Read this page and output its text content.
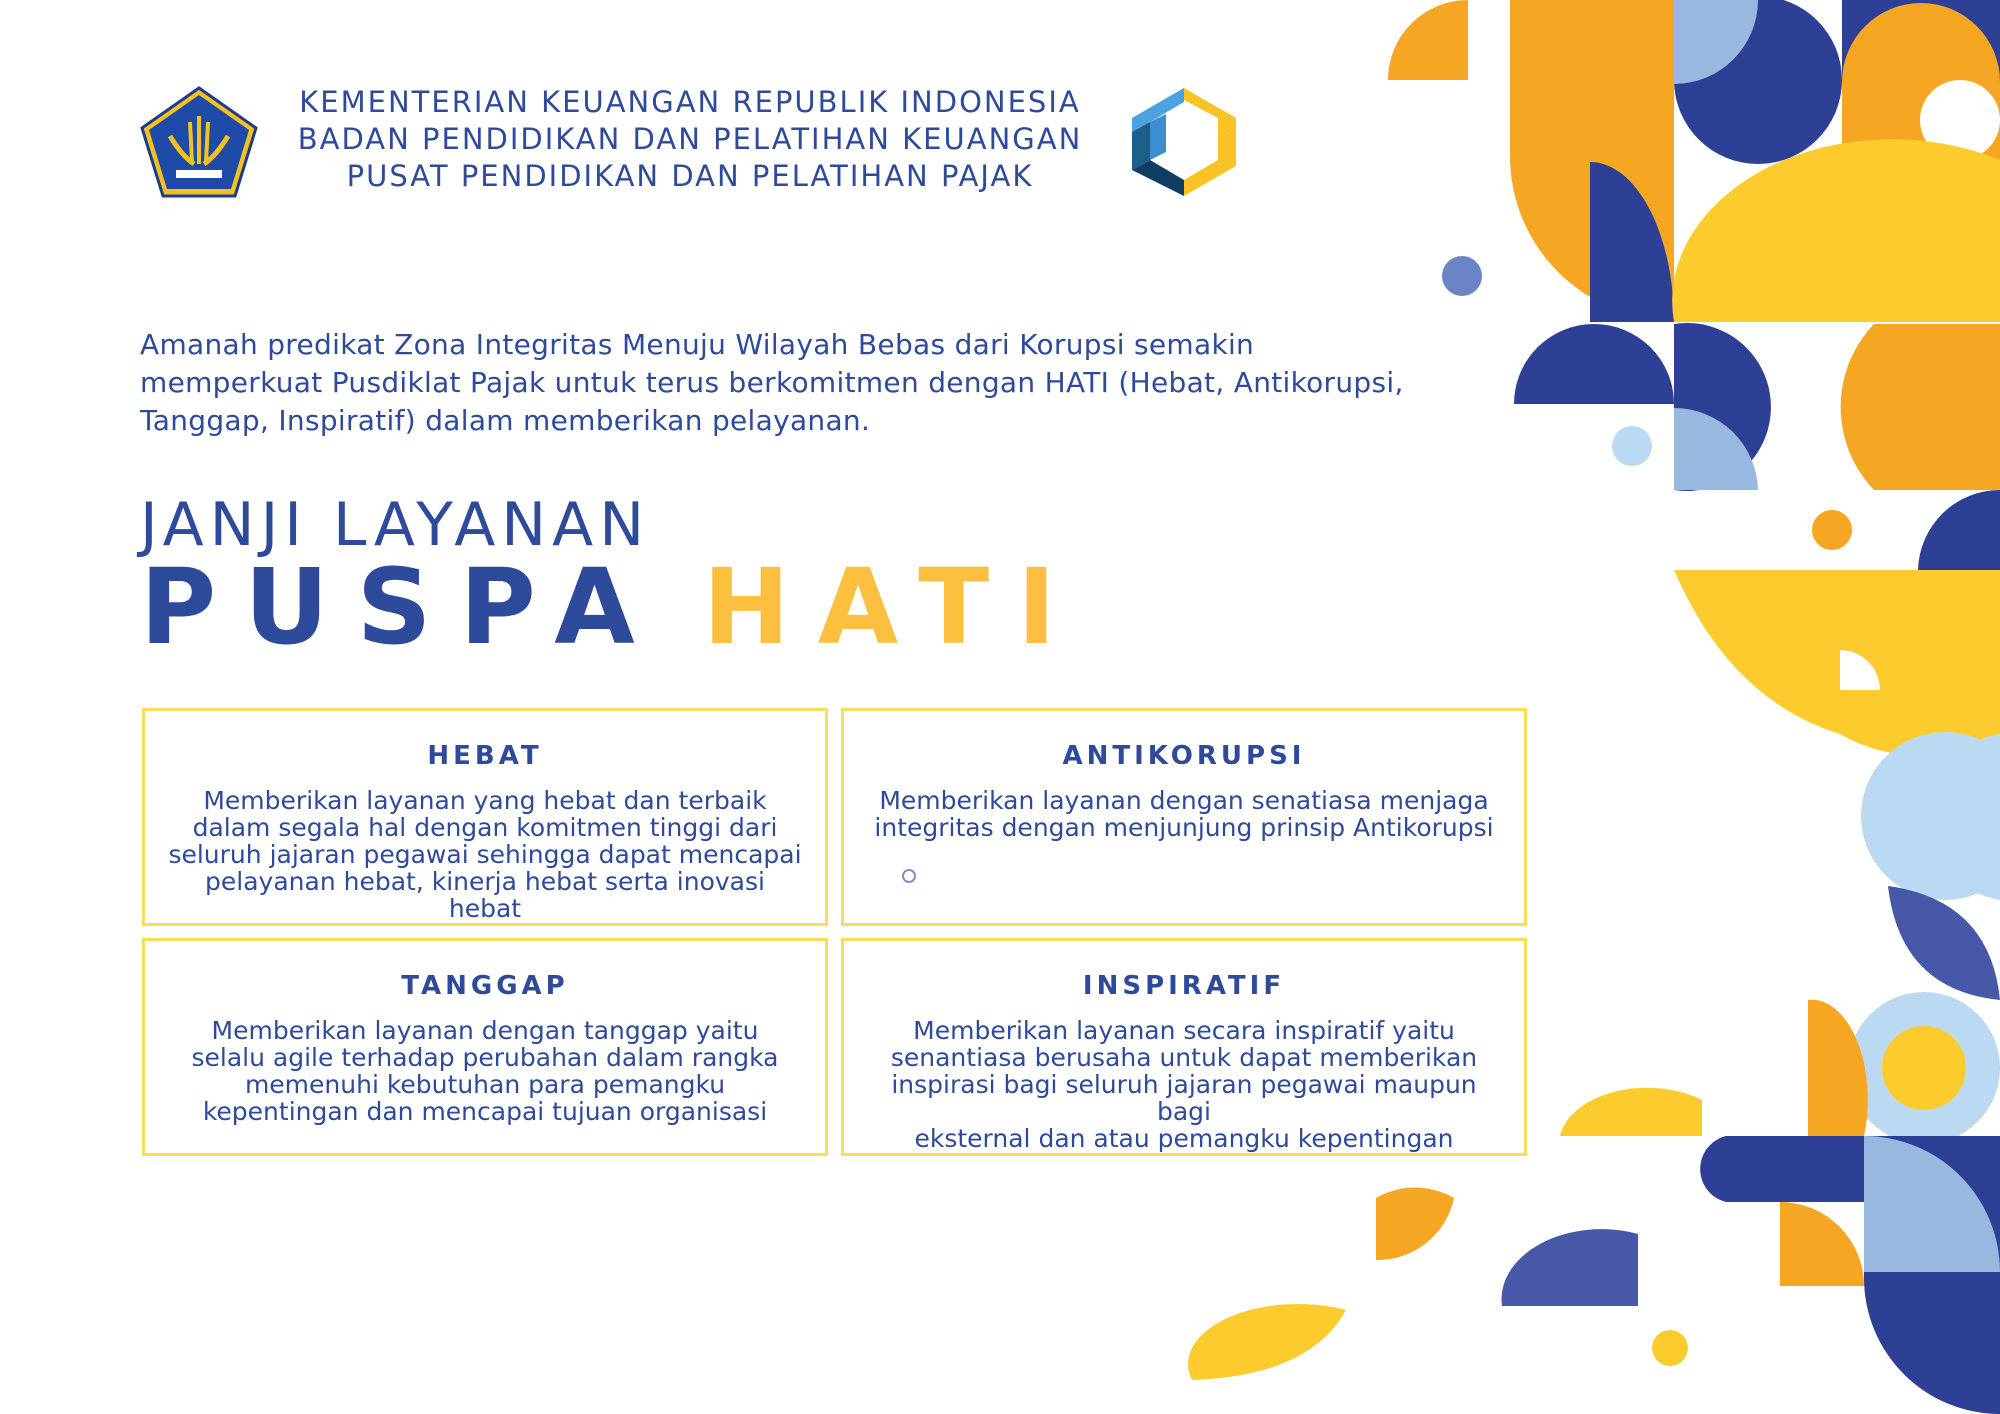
KEMENTERIAN KEUANGAN REPUBLIK INDONESIA
BADAN PENDIDIKAN DAN PELATIHAN KEUANGAN
PUSAT PENDIDIKAN DAN PELATIHAN PAJAK
Amanah predikat Zona Integritas Menuju Wilayah Bebas dari Korupsi semakin
memperkuat Pusdiklat Pajak untuk terus berkomitmen dengan HATI (Hebat, Antikorupsi,
Tanggap, Inspiratif) dalam memberikan pelayanan.
JANJI LAYANAN
PUSPA HATI
HEBAT
Memberikan layanan yang hebat dan terbaik
dalam segala hal dengan komitmen tinggi dari
seluruh jajaran pegawai sehingga dapat mencapai
pelayanan hebat, kinerja hebat serta inovasi hebat
ANTIKORUPSI
Memberikan layanan dengan senatiasa menjaga
integritas dengan menjunjung prinsip Antikorupsi
TANGGAP
Memberikan layanan dengan tanggap yaitu
selalu agile terhadap perubahan dalam rangka
memenuhi kebutuhan para pemangku
kepentingan dan mencapai tujuan organisasi
INSPIRATIF
Memberikan layanan secara inspiratif yaitu
senantiasa berusaha untuk dapat memberikan
inspirasi bagi seluruh jajaran pegawai maupun bagi
eksternal dan atau pemangku kepentingan
